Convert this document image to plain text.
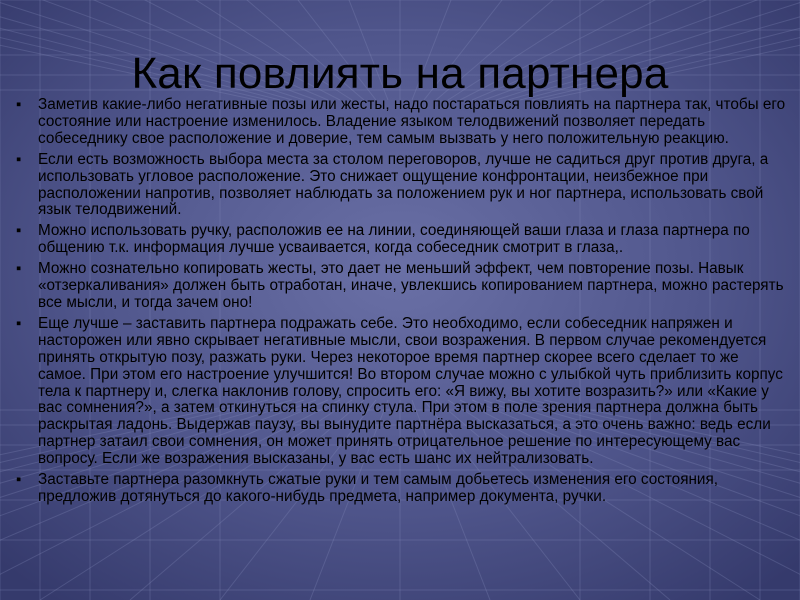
Как повлиять на партнера
▪ Заметив какие-либо негативные позы или жесты, надо постараться повлиять на партнера так, чтобы его состояние или настроение изменилось. Владение языком телодвижений позволяет передать собеседнику свое расположение и доверие, тем самым вызвать у него положительную реакцию.
▪ Если есть возможность выбора места за столом переговоров, лучше не садиться друг против друга, а использовать угловое расположение. Это снижает ощущение конфронтации, неизбежное при расположении напротив, позволяет наблюдать за положением рук и ног партнера, использовать свой язык телодвижений.
▪ Можно использовать ручку, расположив ее на линии, соединяющей ваши глаза и глаза партнера по общению т.к. информация лучше усваивается, когда собеседник смотрит в глаза,.
▪ Можно сознательно копировать жесты, это дает не меньший эффект, чем повторение позы. Навык «отзеркаливания» должен быть отработан, иначе, увлекшись копированием партнера, можно растерять все мысли, и тогда зачем оно!
▪ Еще лучше – заставить партнера подражать себе. Это необходимо, если собеседник напряжен и насторожен или явно скрывает негативные мысли, свои возражения. В первом случае рекомендуется принять открытую позу, разжать руки. Через некоторое время партнер скорее всего сделает то же самое. При этом его настроение улучшится! Во втором случае можно с улыбкой чуть приблизить корпус тела к партнеру и, слегка наклонив голову, спросить его: «Я вижу, вы хотите возразить?» или «Какие у вас сомнения?», а затем откинуться на спинку стула. При этом в поле зрения партнера должна быть раскрытая ладонь. Выдержав паузу, вы вынудите партнёра высказаться, а это очень важно: ведь если партнер затаил свои сомнения, он может принять отрицательное решение по интересующему вас вопросу. Если же возражения высказаны, у вас есть шанс их нейтрализовать.
▪ Заставьте партнера разомкнуть сжатые руки и тем самым добьетесь изменения его состояния, предложив дотянуться до какого-нибудь предмета, например документа, ручки.
